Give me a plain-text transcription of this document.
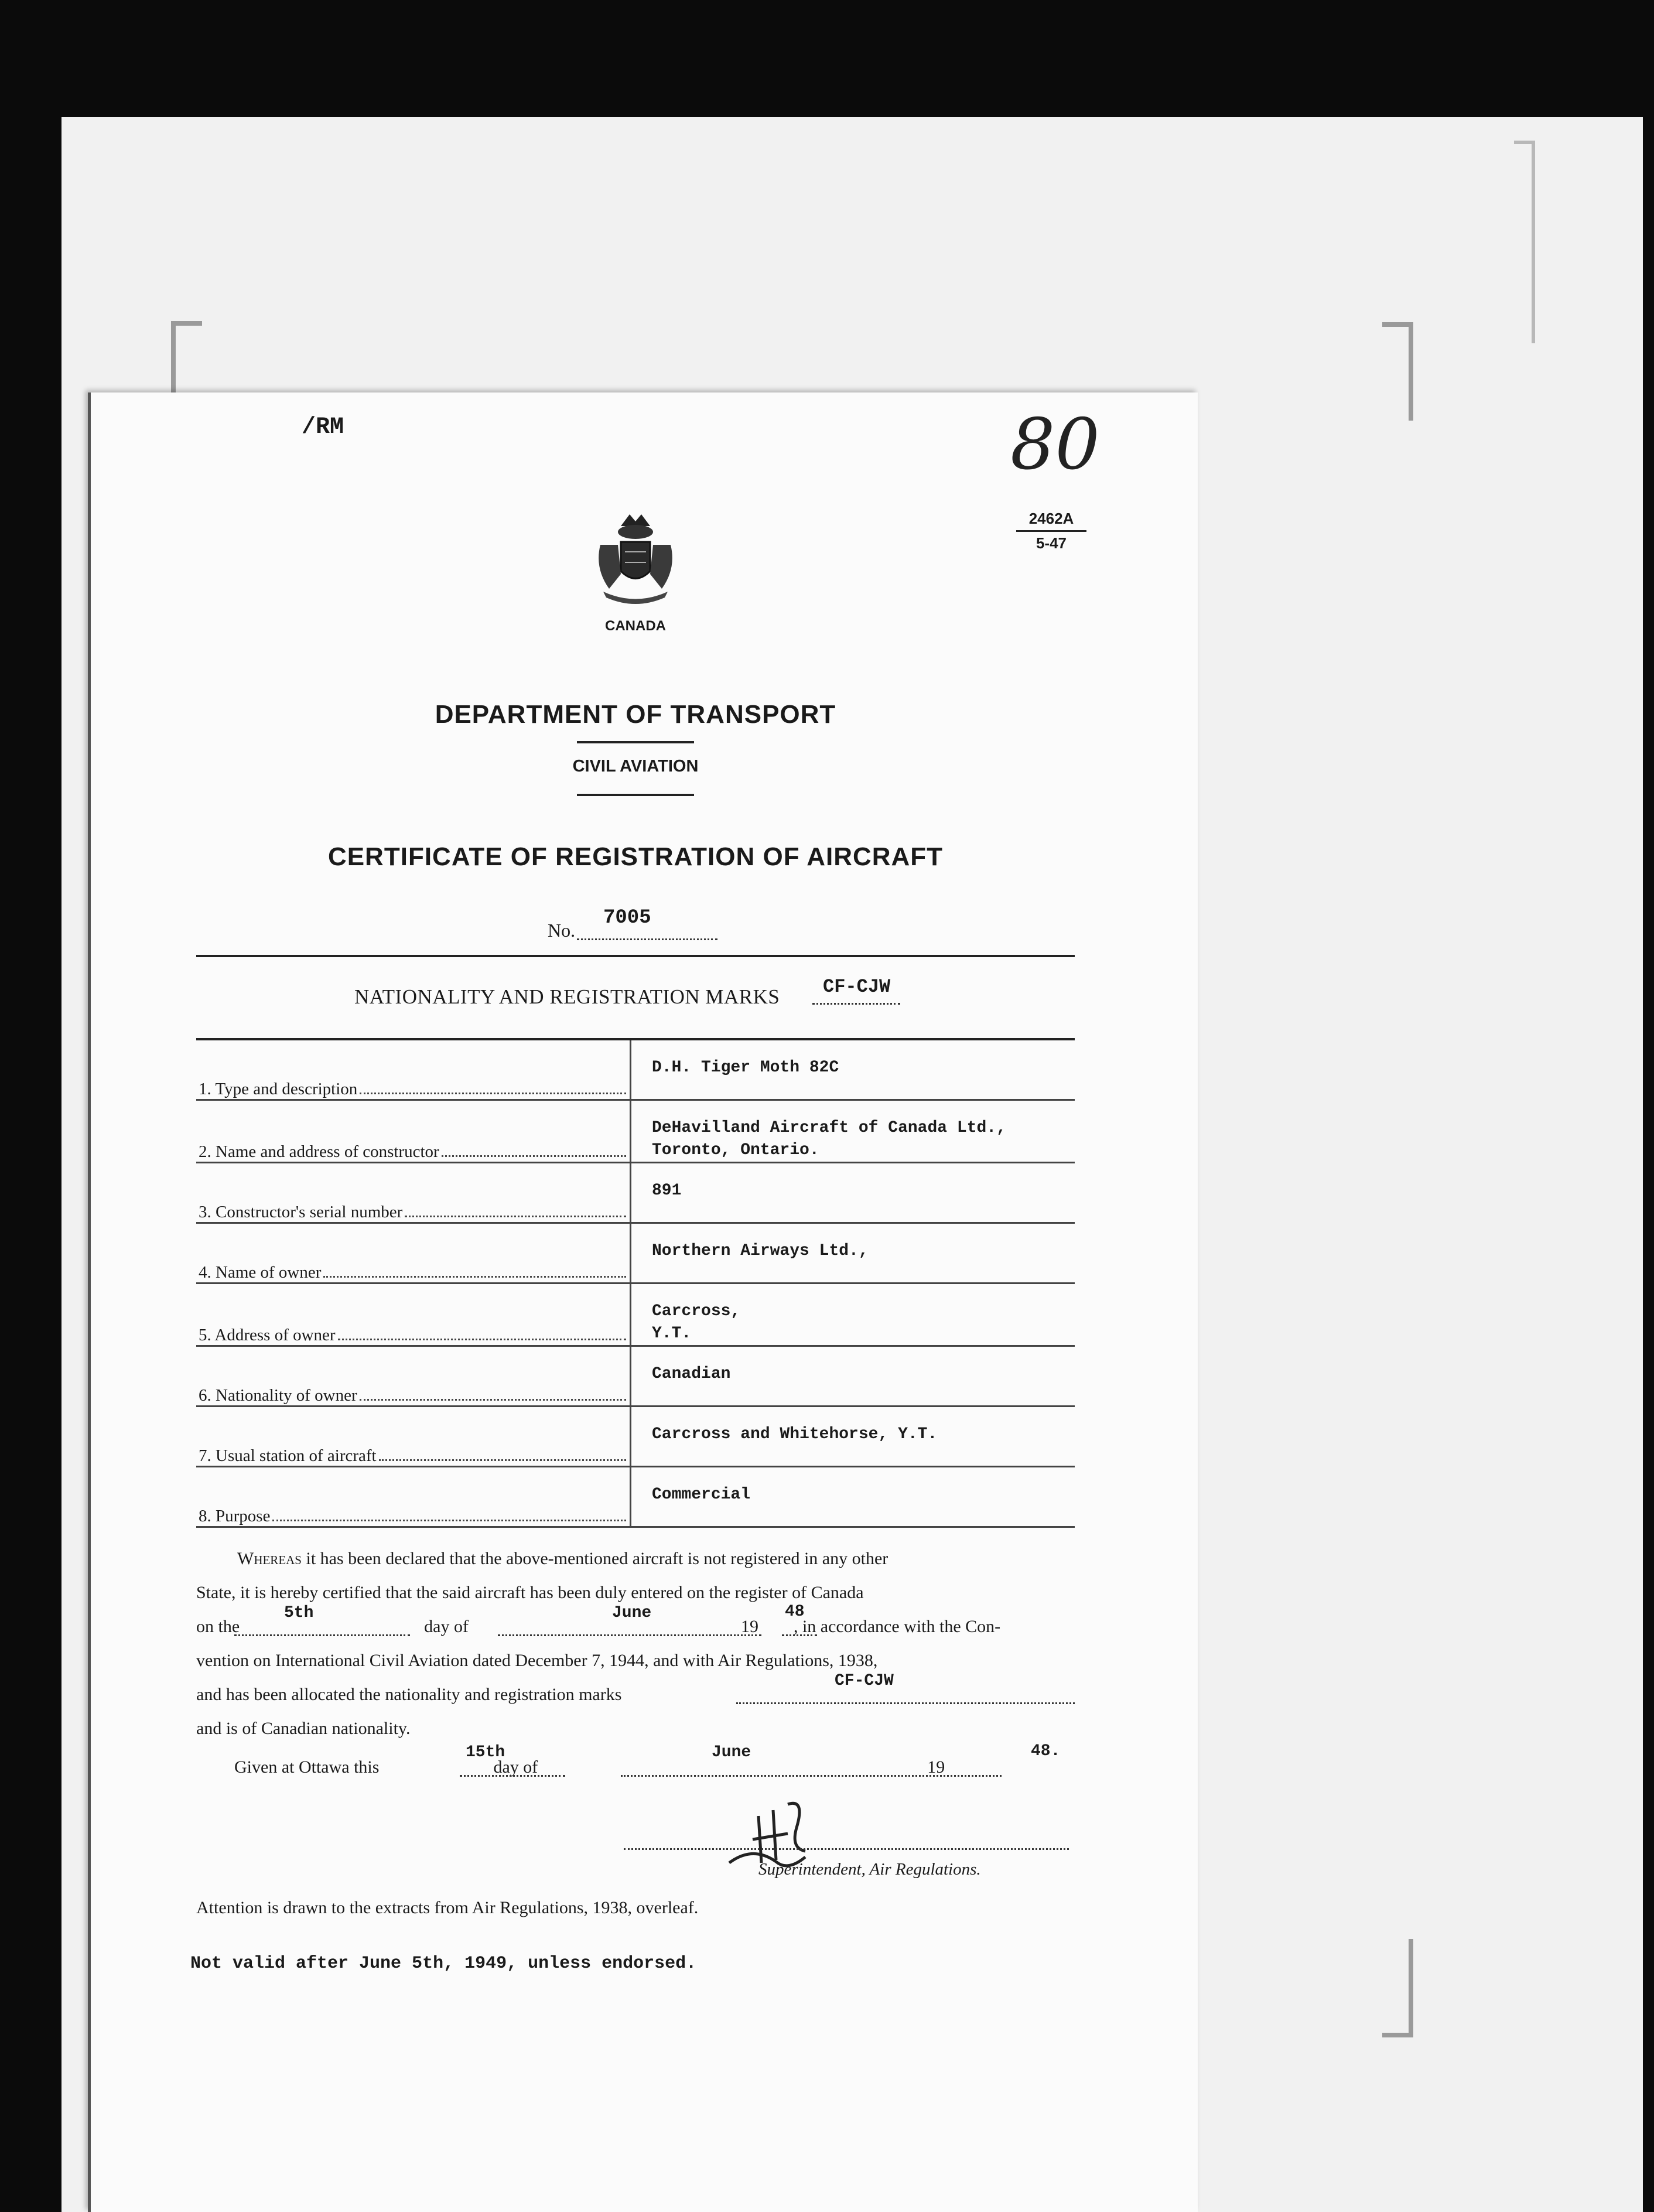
/RM	80
2462A
5-47
CANADA
DEPARTMENT OF TRANSPORT
CIVIL AVIATION
CERTIFICATE OF REGISTRATION OF AIRCRAFT
No.
7005
NATIONALITY AND REGISTRATION MARKS CF-CJW
1. Type and description	D.H. Tiger Moth 82C

2. Name and address of constructor	DeHavilland Aircraft of Canada Ltd.,
Toronto, Ontario.

3. Constructor's serial number	891

4. Name of owner	Northern Airways Ltd.,

5. Address of owner	Carcross,
Y.T.

6. Nationality of owner	Canadian

7. Usual station of aircraft	Carcross and Whitehorse, Y.T.

8. Purpose	Commercial
Whereas it has been declared that the above-mentioned aircraft is not registered in any other
State, it is hereby certified that the said aircraft has been duly entered on the register of Canada
on the	day of	19 , in accordance with the Con-
5th	June	48
vention on International Civil Aviation dated December 7, 1944, and with Air Regulations, 1938,
and has been allocated the nationality and registration marks
CF-CJW
and is of Canadian nationality.
Given at Ottawa this	day of	19
15th	June	48.
Superintendent, Air Regulations.
Attention is drawn to the extracts from Air Regulations, 1938, overleaf.
Not valid after June 5th, 1949, unless endorsed.
